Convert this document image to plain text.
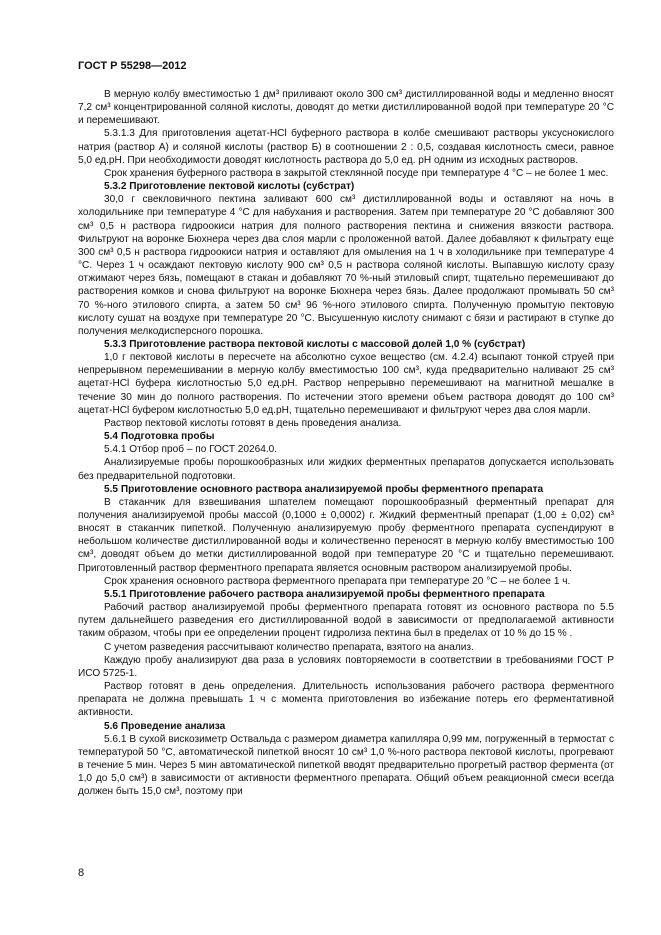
ГОСТ Р 55298—2012

В мерную колбу вместимостью 1 дм³ приливают около 300 см³ дистиллированной воды и медленно вносят 7,2 см³ концентрированной соляной кислоты, доводят до метки дистиллированной водой при температуре 20 °С и перемешивают.

5.3.1.3 Для приготовления ацетат-HCl буферного раствора в колбе смешивают растворы уксуснокислого натрия (раствор А) и соляной кислоты (раствор Б) в соотношении 2 : 0,5, создавая кислотность смеси, равное 5,0 ед.рН. При необходимости доводят кислотность раствора до 5,0 ед. рН одним из исходных растворов.

Срок хранения буферного раствора в закрытой стеклянной посуде при температуре 4 °С – не более 1 мес.

5.3.2 Приготовление пектовой кислоты (субстрат)

30,0 г свекловичного пектина заливают 600 см³ дистиллированной воды и оставляют на ночь в холодильнике при температуре 4 °С для набухания и растворения. Затем при температуре 20 °С добавляют 300 см³ 0,5 н раствора гидроокиси натрия для полного растворения пектина и снижения вязкости раствора. Фильтруют на воронке Бюхнера через два слоя марли с проложенной ватой. Далее добавляют к фильтрату еще 300 см³ 0,5 н раствора гидроокиси натрия и оставляют для омыления на 1 ч в холодильнике при температуре 4 °С. Через 1 ч осаждают пектовую кислоту 900 см³ 0,5 н раствора соляной кислоты. Выпавшую кислоту сразу отжимают через бязь, помещают в стакан и добавляют 70 %-ный этиловый спирт, тщательно перемешивают до растворения комков и снова фильтруют на воронке Бюхнера через бязь. Далее продолжают промывать 50 см³ 70 %-ного этилового спирта, а затем 50 см³ 96 %-ного этилового спирта. Полученную промытую пектовую кислоту сушат на воздухе при температуре 20 °С. Высушенную кислоту снимают с бязи и растирают в ступке до получения мелкодисперсного порошка.

5.3.3 Приготовление раствора пектовой кислоты с массовой долей 1,0 % (субстрат)

1,0 г пектовой кислоты в пересчете на абсолютно сухое вещество (см. 4.2.4) всыпают тонкой струей при непрерывном перемешивании в мерную колбу вместимостью 100 см³, куда предварительно наливают 25 см³ ацетат-HCl буфера кислотностью 5,0 ед.рН. Раствор непрерывно перемешивают на магнитной мешалке в течение 30 мин до полного растворения. По истечении этого времени объем раствора доводят до 100 см³ ацетат-HCl буфером кислотностью 5,0 ед.рН, тщательно перемешивают и фильтруют через два слоя марли.

Раствор пектовой кислоты готовят в день проведения анализа.

5.4 Подготовка пробы

5.4.1 Отбор проб – по ГОСТ 20264.0.

Анализируемые пробы порошкообразных или жидких ферментных препаратов допускается использовать без предварительной подготовки.

5.5 Приготовление основного раствора анализируемой пробы ферментного препарата

В стаканчик для взвешивания шпателем помещают порошкообразный ферментный препарат для получения анализируемой пробы массой (0,1000 ± 0,0002) г. Жидкий ферментный препарат (1,00 ± 0,02) см³ вносят в стаканчик пипеткой. Полученную анализируемую пробу ферментного препарата суспендируют в небольшом количестве дистиллированной воды и количественно переносят в мерную колбу вместимостью 100 см³, доводят объем до метки дистиллированной водой при температуре 20 °С и тщательно перемешивают. Приготовленный раствор ферментного препарата является основным раствором анализируемой пробы.

Срок хранения основного раствора ферментного препарата при температуре 20 °С – не более 1 ч.

5.5.1 Приготовление рабочего раствора анализируемой пробы ферментного препарата

Рабочий раствор анализируемой пробы ферментного препарата готовят из основного раствора по 5.5 путем дальнейшего разведения его дистиллированной водой в зависимости от предполагаемой активности таким образом, чтобы при ее определении процент гидролиза пектина был в пределах от 10 % до 15 % .

С учетом разведения рассчитывают количество препарата, взятого на анализ.

Каждую пробу анализируют два раза в условиях повторяемости в соответствии в требованиями ГОСТ Р ИСО 5725-1.

Раствор готовят в день определения. Длительность использования рабочего раствора ферментного препарата не должна превышать 1 ч с момента приготовления во избежание потерь его ферментативной активности.

5.6 Проведение анализа

5.6.1 В сухой вискозиметр Оствальда с размером диаметра капилляра 0,99 мм, погруженный в термостат с температурой 50 °С, автоматической пипеткой вносят 10 см³ 1,0 %-ного раствора пектовой кислоты, прогревают в течение 5 мин. Через 5 мин автоматической пипеткой вводят предварительно прогретый раствор фермента (от 1,0 до 5,0 см³) в зависимости от активности ферментного препарата. Общий объем реакционной смеси всегда должен быть 15,0 см³, поэтому при

8
